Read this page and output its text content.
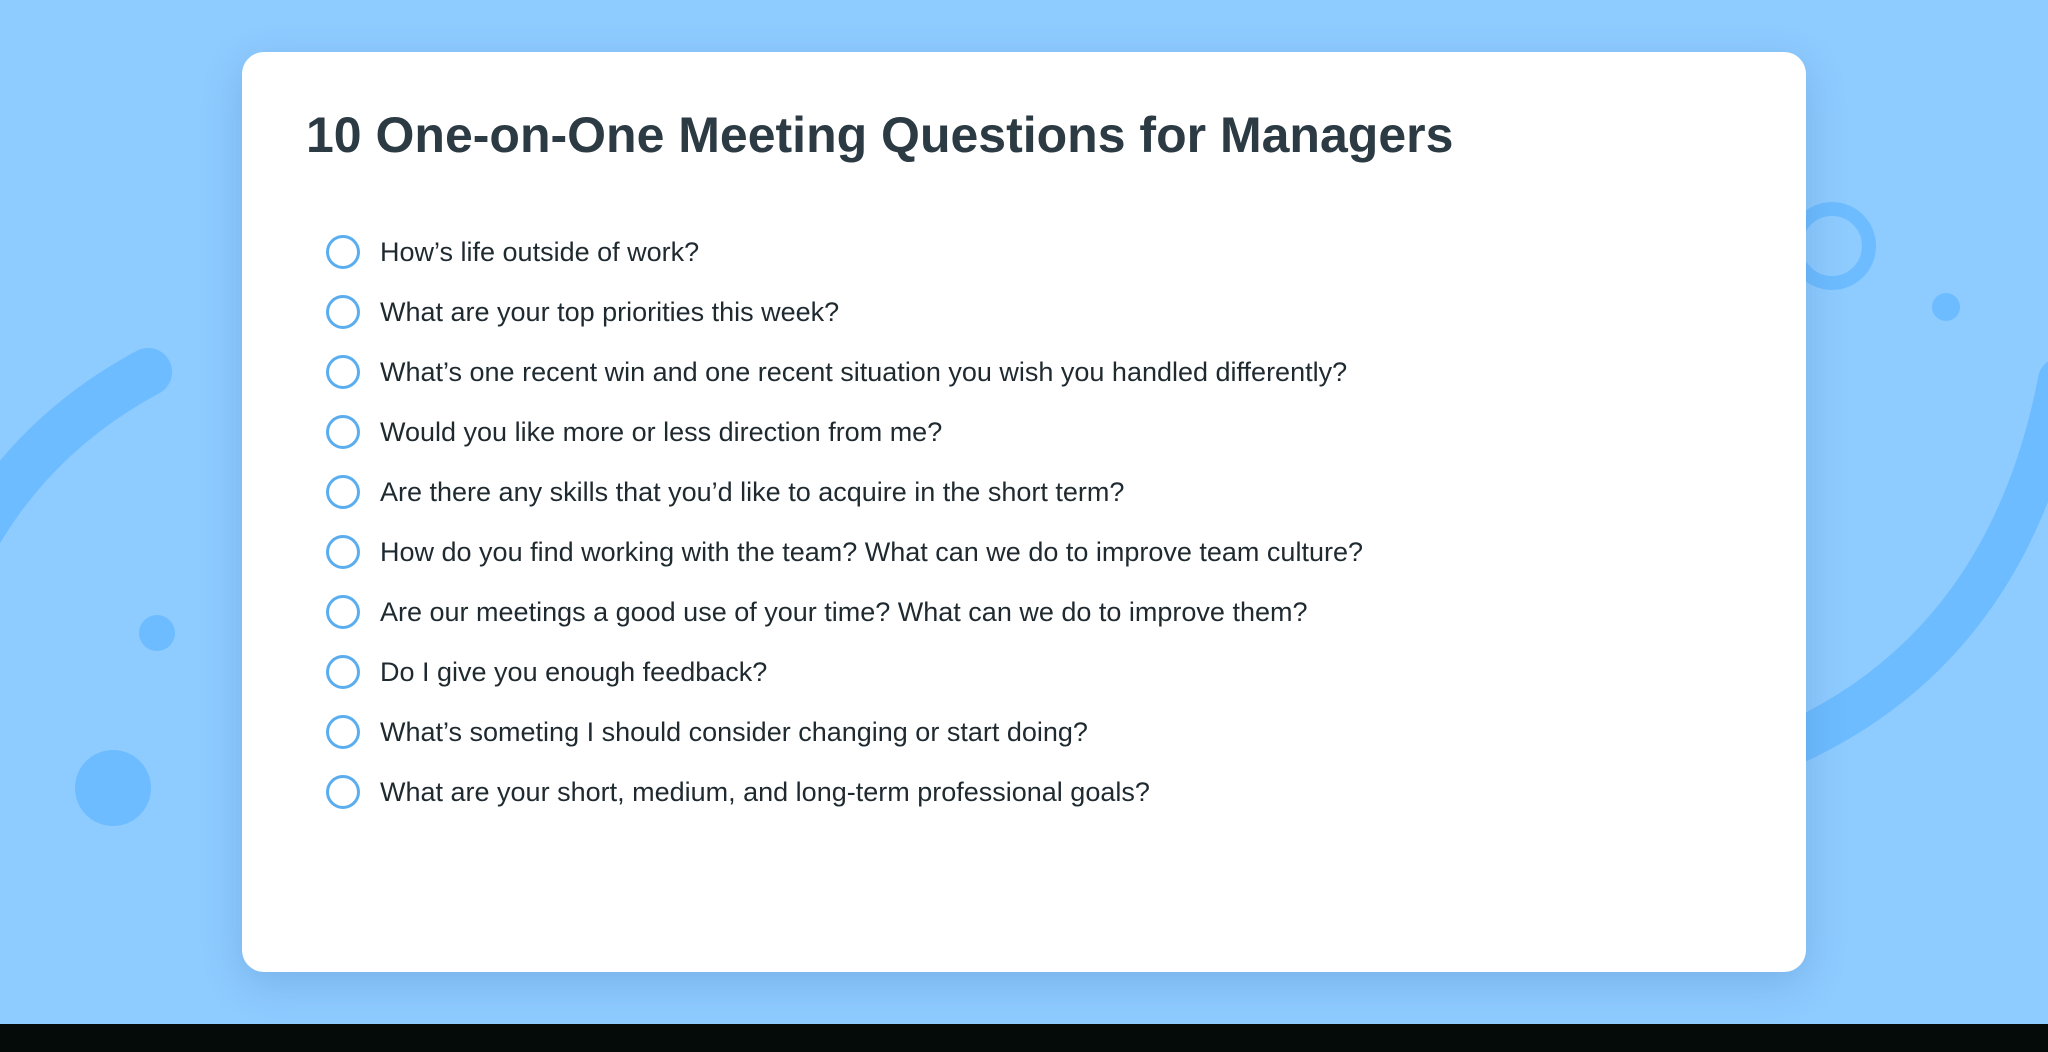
10 One-on-One Meeting Questions for Managers
How’s life outside of work?
What are your top priorities this week?
What’s one recent win and one recent situation you wish you handled differently?
Would you like more or less direction from me?
Are there any skills that you’d like to acquire in the short term?
How do you find working with the team? What can we do to improve team culture?
Are our meetings a good use of your time? What can we do to improve them?
Do I give you enough feedback?
What’s someting I should consider changing or start doing?
What are your short, medium, and long-term professional goals?
